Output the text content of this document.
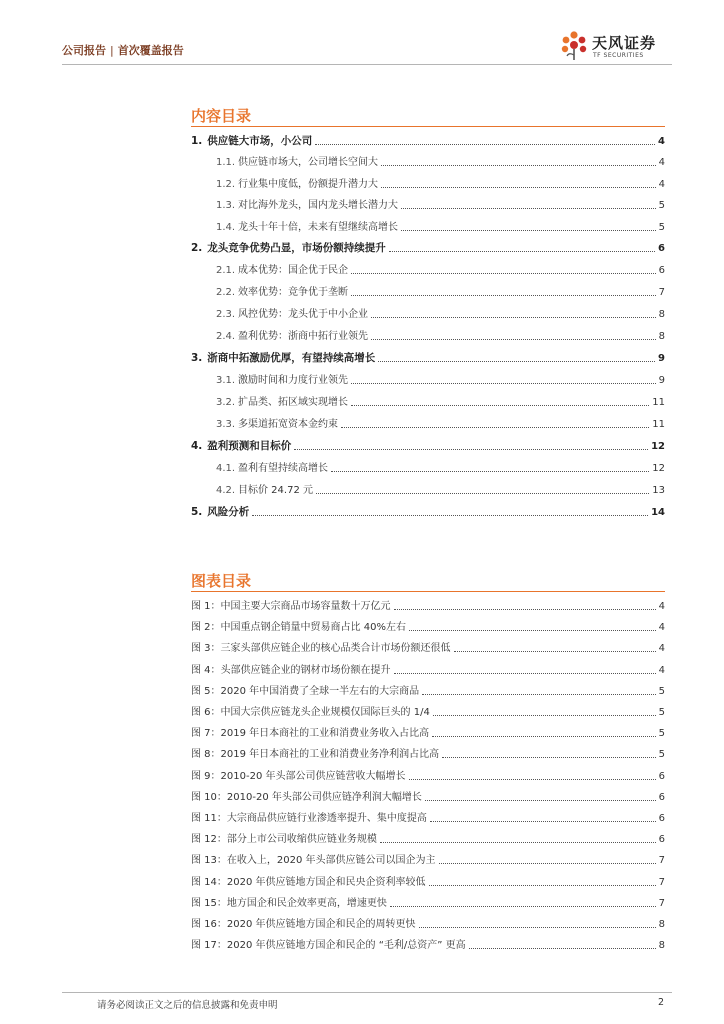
公司报告 | 首次覆盖报告	天风证券
TF SECURITIES
内容目录
1. 供应链大市场，小公司	4
1.1. 供应链市场大，公司增长空间大	4
1.2. 行业集中度低，份额提升潜力大	4
1.3. 对比海外龙头，国内龙头增长潜力大	5
1.4. 龙头十年十倍，未来有望继续高增长	5
2. 龙头竞争优势凸显，市场份额持续提升	6
2.1. 成本优势：国企优于民企	6
2.2. 效率优势：竞争优于垄断	7
2.3. 风控优势：龙头优于中小企业	8
2.4. 盈利优势：浙商中拓行业领先	8
3. 浙商中拓激励优厚，有望持续高增长	9
3.1. 激励时间和力度行业领先	9
3.2. 扩品类、拓区域实现增长	11
3.3. 多渠道拓宽资本金约束	11
4. 盈利预测和目标价	12
4.1. 盈利有望持续高增长	12
4.2. 目标价 24.72 元	13
5. 风险分析	14
图表目录
图 1： 中国主要大宗商品市场容量数十万亿元	4
图 2： 中国重点钢企销量中贸易商占比 40%左右	4
图 3： 三家头部供应链企业的核心品类合计市场份额还很低	4
图 4： 头部供应链企业的钢材市场份额在提升	4
图 5： 2020 年中国消费了全球一半左右的大宗商品	5
图 6： 中国大宗供应链龙头企业规模仅国际巨头的 1/4	5
图 7： 2019 年日本商社的工业和消费业务收入占比高	5
图 8： 2019 年日本商社的工业和消费业务净利润占比高	5
图 9： 2010-20 年头部公司供应链营收大幅增长	6
图 10： 2010-20 年头部公司供应链净利润大幅增长	6
图 11： 大宗商品供应链行业渗透率提升、集中度提高	6
图 12： 部分上市公司收缩供应链业务规模	6
图 13： 在收入上，2020 年头部供应链公司以国企为主	7
图 14： 2020 年供应链地方国企和民央企资利率较低	7
图 15： 地方国企和民企效率更高，增速更快	7
图 16： 2020 年供应链地方国企和民企的周转更快	8
图 17： 2020 年供应链地方国企和民企的 “毛利/总资产” 更高	8
请务必阅读正文之后的信息披露和免责申明	2
